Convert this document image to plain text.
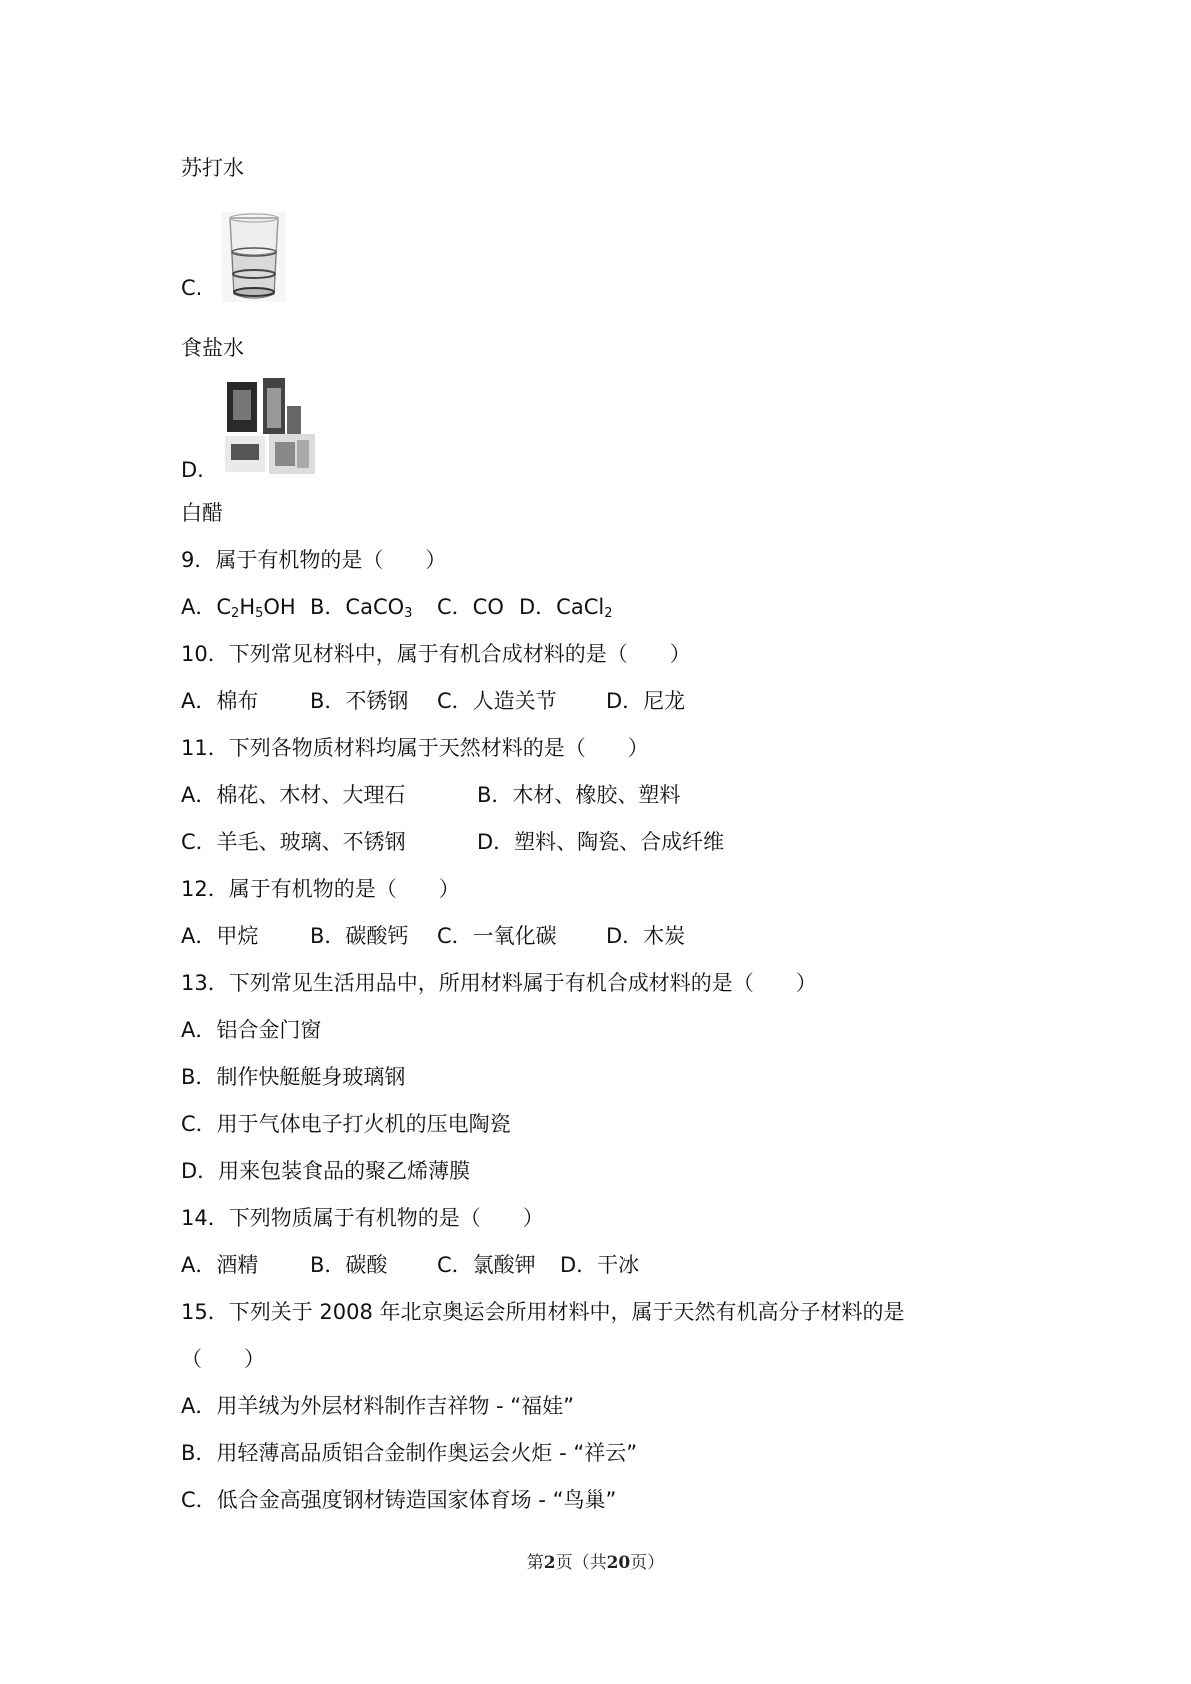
苏打水
C.
食盐水
D.
白醋
9．属于有机物的是（　　）
A．$C_2H_5OH$ B．CaCO$_3$ C．CO D．CaCl$_2$
10．下列常见材料中，属于有机合成材料的是（　　）
A．棉布 B．不锈钢 C．人造关节 D．尼龙
11．下列各物质材料均属于天然材料的是（　　）
A．棉花、木材、大理石	B．木材、橡胶、塑料
C．羊毛、玻璃、不锈钢	D．塑料、陶瓷、合成纤维
12．属于有机物的是（　　）
A．甲烷 B．碳酸钙 C．一氧化碳 D．木炭
13．下列常见生活用品中，所用材料属于有机合成材料的是（　　）
A．铝合金门窗
B．制作快艇艇身玻璃钢
C．用于气体电子打火机的压电陶瓷
D．用来包装食品的聚乙烯薄膜
14．下列物质属于有机物的是（　　）
A．酒精 B．碳酸 C．氯酸钾 D．干冰
15．下列关于 2008 年北京奥运会所用材料中，属于天然有机高分子材料的是
（　　）
A．用羊绒为外层材料制作吉祥物 - “福娃”
B．用轻薄高品质铝合金制作奥运会火炬 - “祥云”
C．低合金高强度钢材铸造国家体育场 - “鸟巢”
第2页（共20页）
